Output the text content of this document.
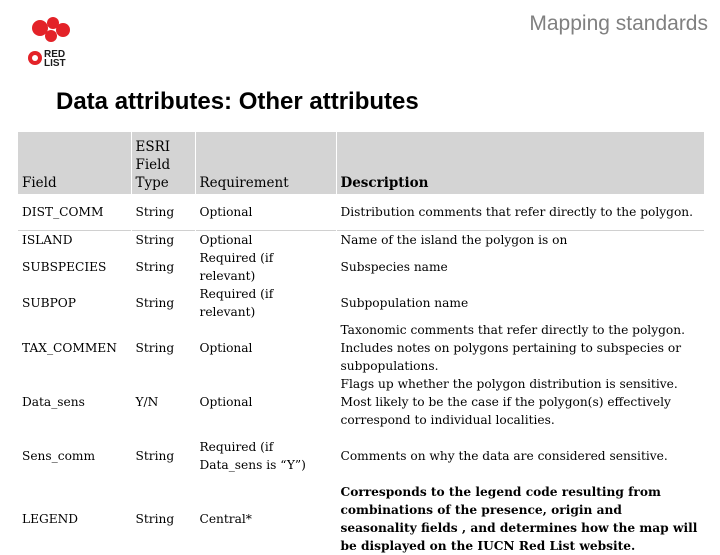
Mapping standards
RED
LIST
Data attributes: Other attributes
Field	ESRI Field Type	Requirement	Description
DIST_COMM	String	Optional	Distribution comments that refer directly to the polygon.
ISLAND	String	Optional	Name of the island the polygon is on
SUBSPECIES	String	Required (if relevant)	Subspecies name
SUBPOP	String	Required (if relevant)	Subpopulation name
TAX_COMMEN	String	Optional	Taxonomic comments that refer directly to the polygon. Includes notes on polygons pertaining to subspecies or subpopulations.
Data_sens	Y/N	Optional	Flags up whether the polygon distribution is sensitive. Most likely to be the case if the polygon(s) effectively correspond to individual localities.
Sens_comm	String	Required (if Data_sens is “Y”)	Comments on why the data are considered sensitive.
LEGEND	String	Central*	Corresponds to the legend code resulting from combinations of the presence, origin and seasonality fields , and determines how the map will be displayed on the IUCN Red List website.
